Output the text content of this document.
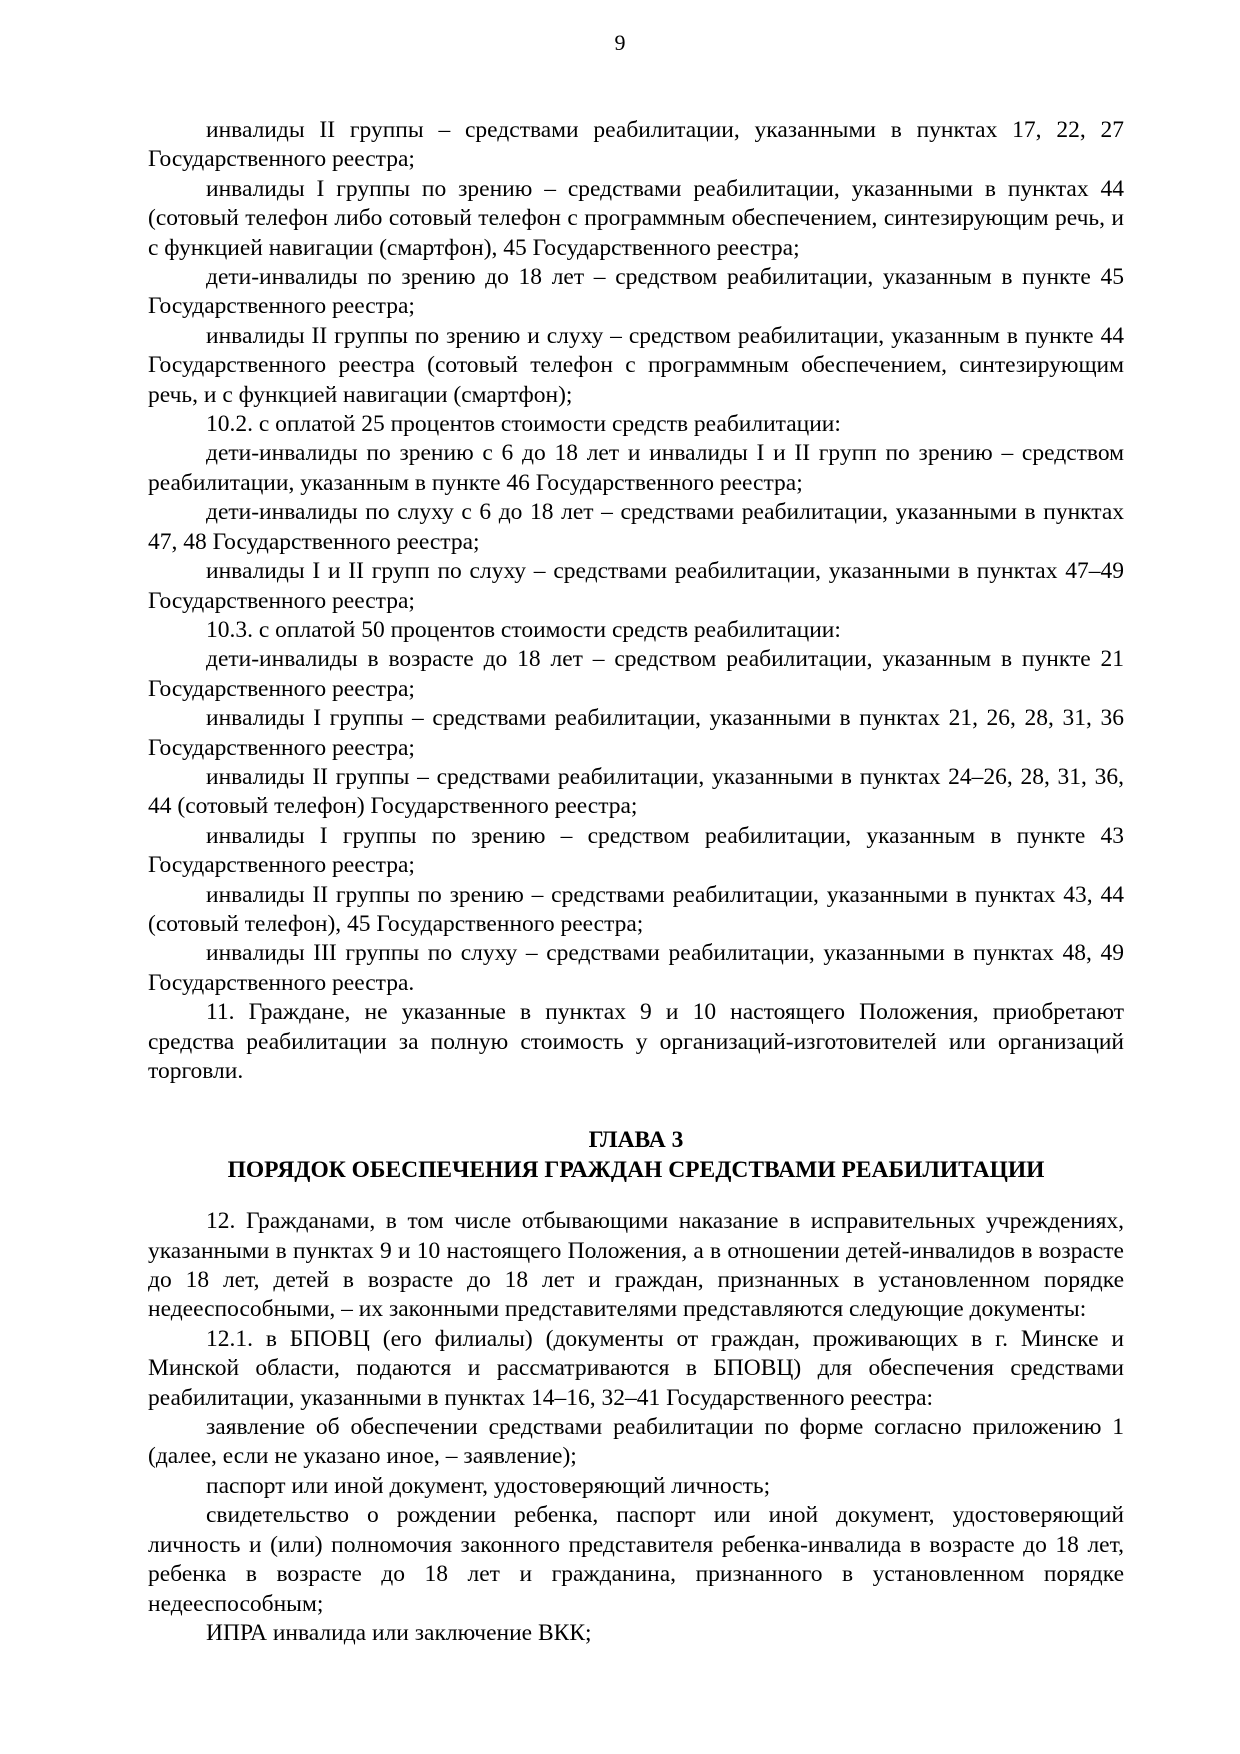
9

инвалиды II группы – средствами реабилитации, указанными в пунктах 17, 22, 27 Государственного реестра;

инвалиды I группы по зрению – средствами реабилитации, указанными в пунктах 44 (сотовый телефон либо сотовый телефон с программным обеспечением, синтезирующим речь, и с функцией навигации (смартфон), 45 Государственного реестра;

дети-инвалиды по зрению до 18 лет – средством реабилитации, указанным в пункте 45 Государственного реестра;

инвалиды II группы по зрению и слуху – средством реабилитации, указанным в пункте 44 Государственного реестра (сотовый телефон с программным обеспечением, синтезирующим речь, и с функцией навигации (смартфон);

10.2. с оплатой 25 процентов стоимости средств реабилитации:

дети-инвалиды по зрению с 6 до 18 лет и инвалиды I и II групп по зрению – средством реабилитации, указанным в пункте 46 Государственного реестра;

дети-инвалиды по слуху с 6 до 18 лет – средствами реабилитации, указанными в пунктах 47, 48 Государственного реестра;

инвалиды I и II групп по слуху – средствами реабилитации, указанными в пунктах 47–49 Государственного реестра;

10.3. с оплатой 50 процентов стоимости средств реабилитации:

дети-инвалиды в возрасте до 18 лет – средством реабилитации, указанным в пункте 21 Государственного реестра;

инвалиды I группы – средствами реабилитации, указанными в пунктах 21, 26, 28, 31, 36 Государственного реестра;

инвалиды II группы – средствами реабилитации, указанными в пунктах 24–26, 28, 31, 36, 44 (сотовый телефон) Государственного реестра;

инвалиды I группы по зрению – средством реабилитации, указанным в пункте 43 Государственного реестра;

инвалиды II группы по зрению – средствами реабилитации, указанными в пунктах 43, 44 (сотовый телефон), 45 Государственного реестра;

инвалиды III группы по слуху – средствами реабилитации, указанными в пунктах 48, 49 Государственного реестра.

11. Граждане, не указанные в пунктах 9 и 10 настоящего Положения, приобретают средства реабилитации за полную стоимость у организаций-изготовителей или организаций торговли.

ГЛАВА 3
ПОРЯДОК ОБЕСПЕЧЕНИЯ ГРАЖДАН СРЕДСТВАМИ РЕАБИЛИТАЦИИ

12. Гражданами, в том числе отбывающими наказание в исправительных учреждениях, указанными в пунктах 9 и 10 настоящего Положения, а в отношении детей-инвалидов в возрасте до 18 лет, детей в возрасте до 18 лет и граждан, признанных в установленном порядке недееспособными, – их законными представителями представляются следующие документы:

12.1. в БПОВЦ (его филиалы) (документы от граждан, проживающих в г. Минске и Минской области, подаются и рассматриваются в БПОВЦ) для обеспечения средствами реабилитации, указанными в пунктах 14–16, 32–41 Государственного реестра:

заявление об обеспечении средствами реабилитации по форме согласно приложению 1 (далее, если не указано иное, – заявление);

паспорт или иной документ, удостоверяющий личность;

свидетельство о рождении ребенка, паспорт или иной документ, удостоверяющий личность и (или) полномочия законного представителя ребенка-инвалида в возрасте до 18 лет, ребенка в возрасте до 18 лет и гражданина, признанного в установленном порядке недееспособным;

ИПРА инвалида или заключение ВКК;
